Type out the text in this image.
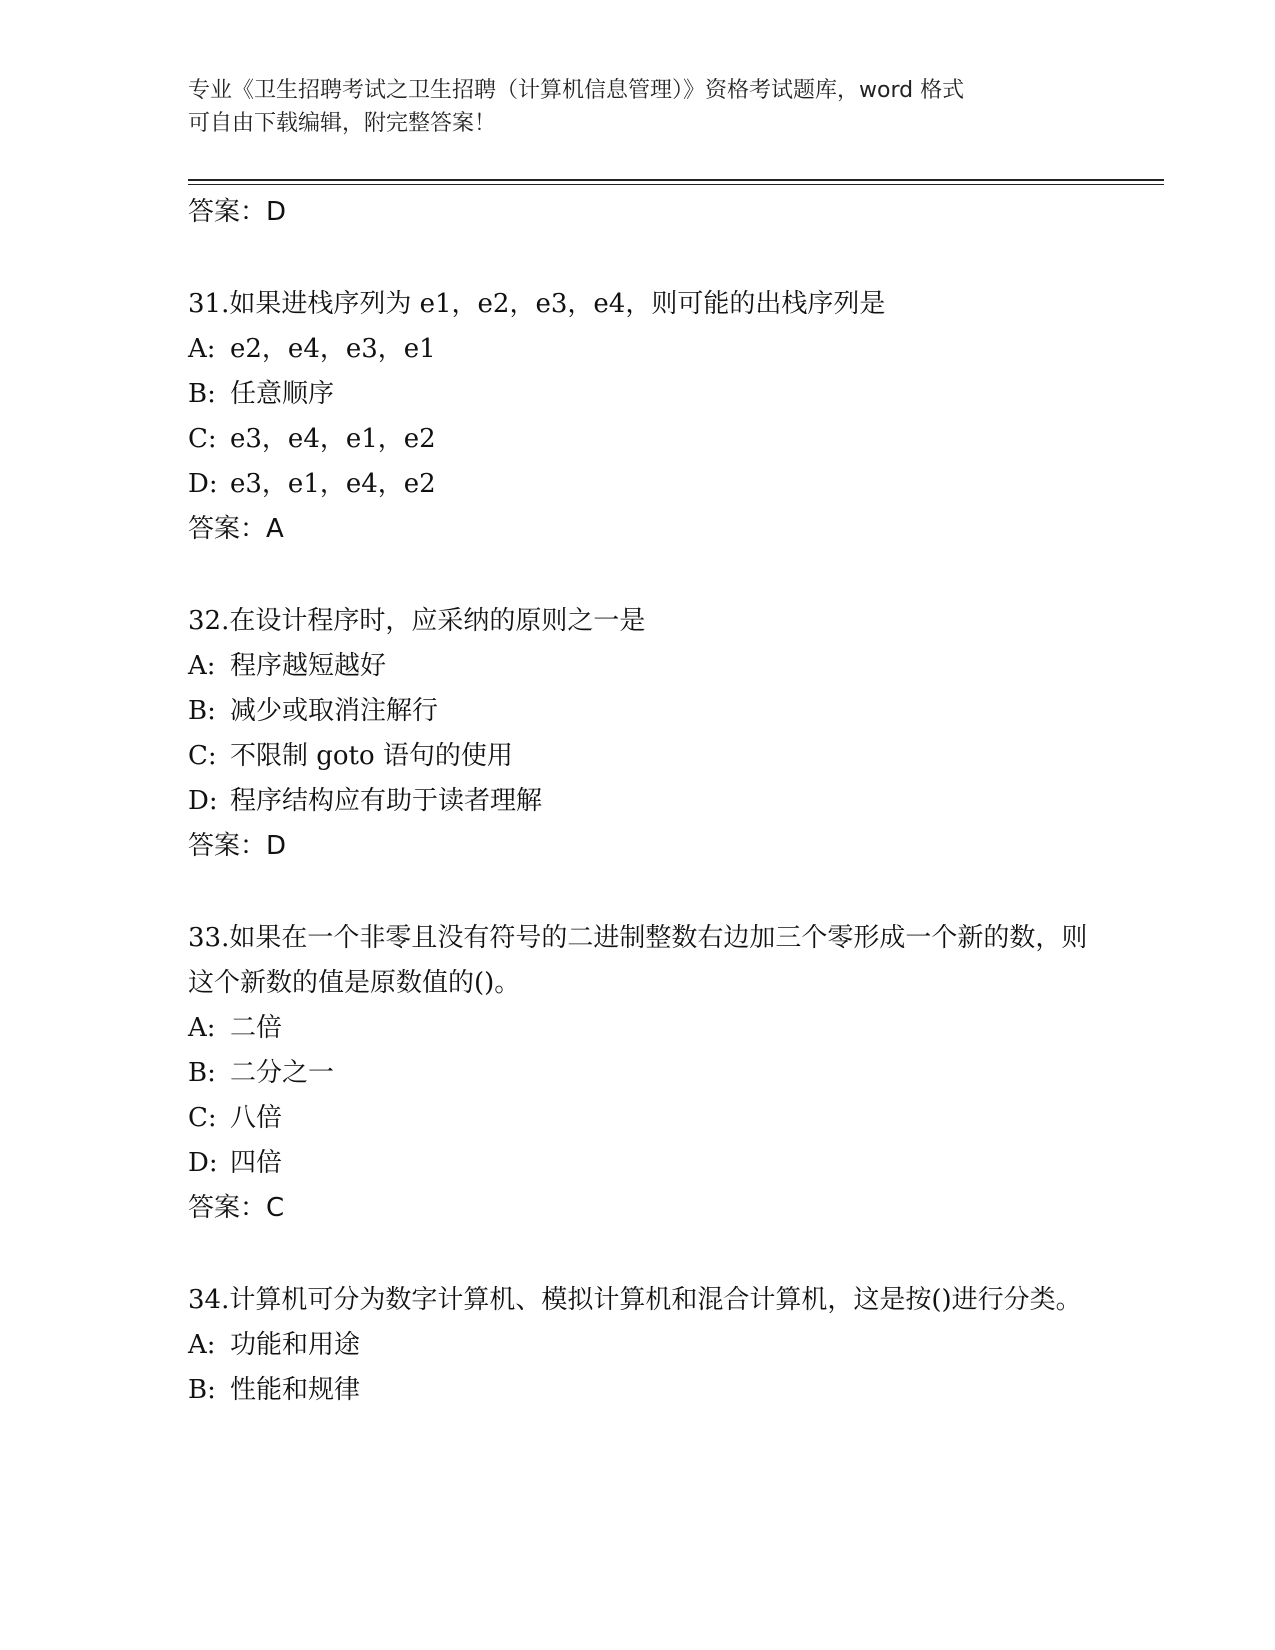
专业《卫生招聘考试之卫生招聘（计算机信息管理）》资格考试题库，word 格式
可自由下载编辑，附完整答案！

答案：D

31.如果进栈序列为 e1，e2，e3，e4，则可能的出栈序列是

A: e2，e4，e3，e1

B: 任意顺序

C: e3，e4，e1，e2

D: e3，e1，e4，e2

答案：A

32.在设计程序时，应采纳的原则之一是

A: 程序越短越好

B: 减少或取消注解行

C: 不限制 goto 语句的使用

D: 程序结构应有助于读者理解

答案：D

33.如果在一个非零且没有符号的二进制整数右边加三个零形成一个新的数，则这个新数的值是原数值的()。

A: 二倍

B: 二分之一

C: 八倍

D: 四倍

答案：C

34.计算机可分为数字计算机、模拟计算机和混合计算机，这是按()进行分类。

A: 功能和用途

B: 性能和规律
